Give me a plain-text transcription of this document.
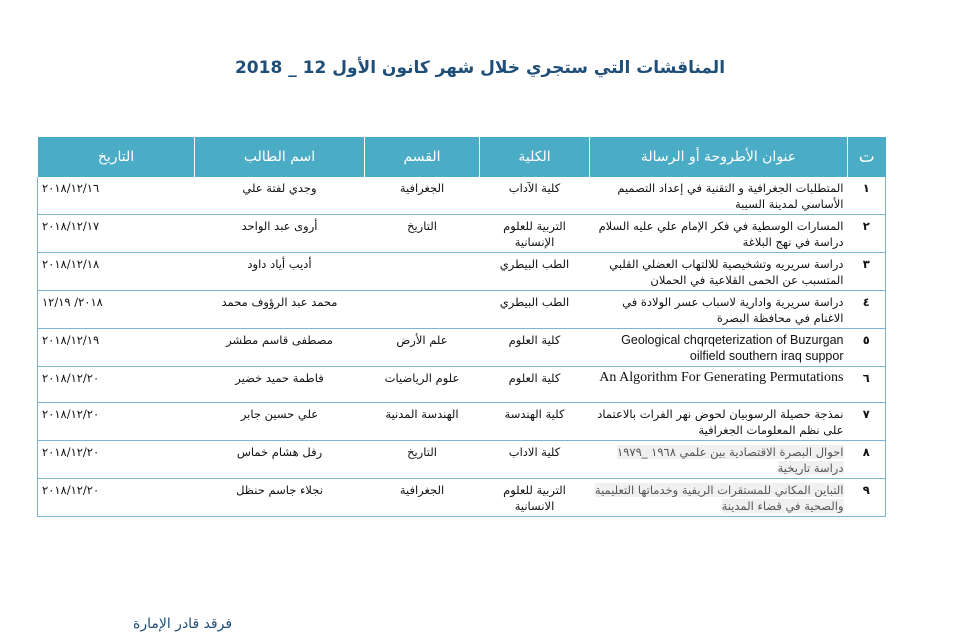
المناقشات التي ستجري خلال شهر كانون الأول 12 _ 2018
ت	عنوان الأطروحة أو الرسالة	الكلية	القسم	اسم الطالب	التاريخ
١	المتطلبات الجغرافية و التقنية في إعداد التصميم الأساسي لمدينة السيبة	كلية الآداب	الجغرافية	وجدي لفتة علي	٢٠١٨/١٢/١٦
٢	المسارات الوسطية في فكر الإمام علي عليه السلام دراسة في نهج البلاغة	التربية للعلوم الإنسانية	التاريخ	أروى عبد الواحد	٢٠١٨/١٢/١٧
٣	دراسة سريريه وتشخيصية للالتهاب العضلي القلبي المتسبب عن الحمى القلاعية في الحملان	الطب البيطري		أديب أياد داود	٢٠١٨/١٢/١٨
٤	دراسة سريرية وادارية لاسباب عسر الولادة في الاغنام في محافظة البصرة	الطب البيطري		محمد عبد الرؤوف محمد	٢٠١٨/ ١٢/١٩
٥	Geological chqrqeterization of Buzurgan oilfield southern iraq suppor	كلية العلوم	علم الأرض	مصطفى قاسم مطشر	٢٠١٨/١٢/١٩
٦	An Algorithm For Generating Permutations	كلية العلوم	علوم الرياضيات	فاطمة حميد خضير	٢٠١٨/١٢/٢٠
٧	نمذجة حصيلة الرسوبيان لحوض نهر الفرات بالاعتماد على نظم المعلومات الجغرافية	كلية الهندسة	الهندسة المدنية	علي حسين جابر	٢٠١٨/١٢/٢٠
٨	احوال البصرة الاقتصادية بين علمي ١٩٦٨ _١٩٧٩ دراسة تاريخية	كلية الاداب	التاريخ	رفل هشام خماس	٢٠١٨/١٢/٢٠
٩	التباين المكاني للمستقرات الريفية وخدماتها التعليمية والصحية في قضاء المدينة	التربية للعلوم الانسانية	الجغرافية	نجلاء جاسم حنظل	٢٠١٨/١٢/٢٠
فرقد قادر الإمارة
